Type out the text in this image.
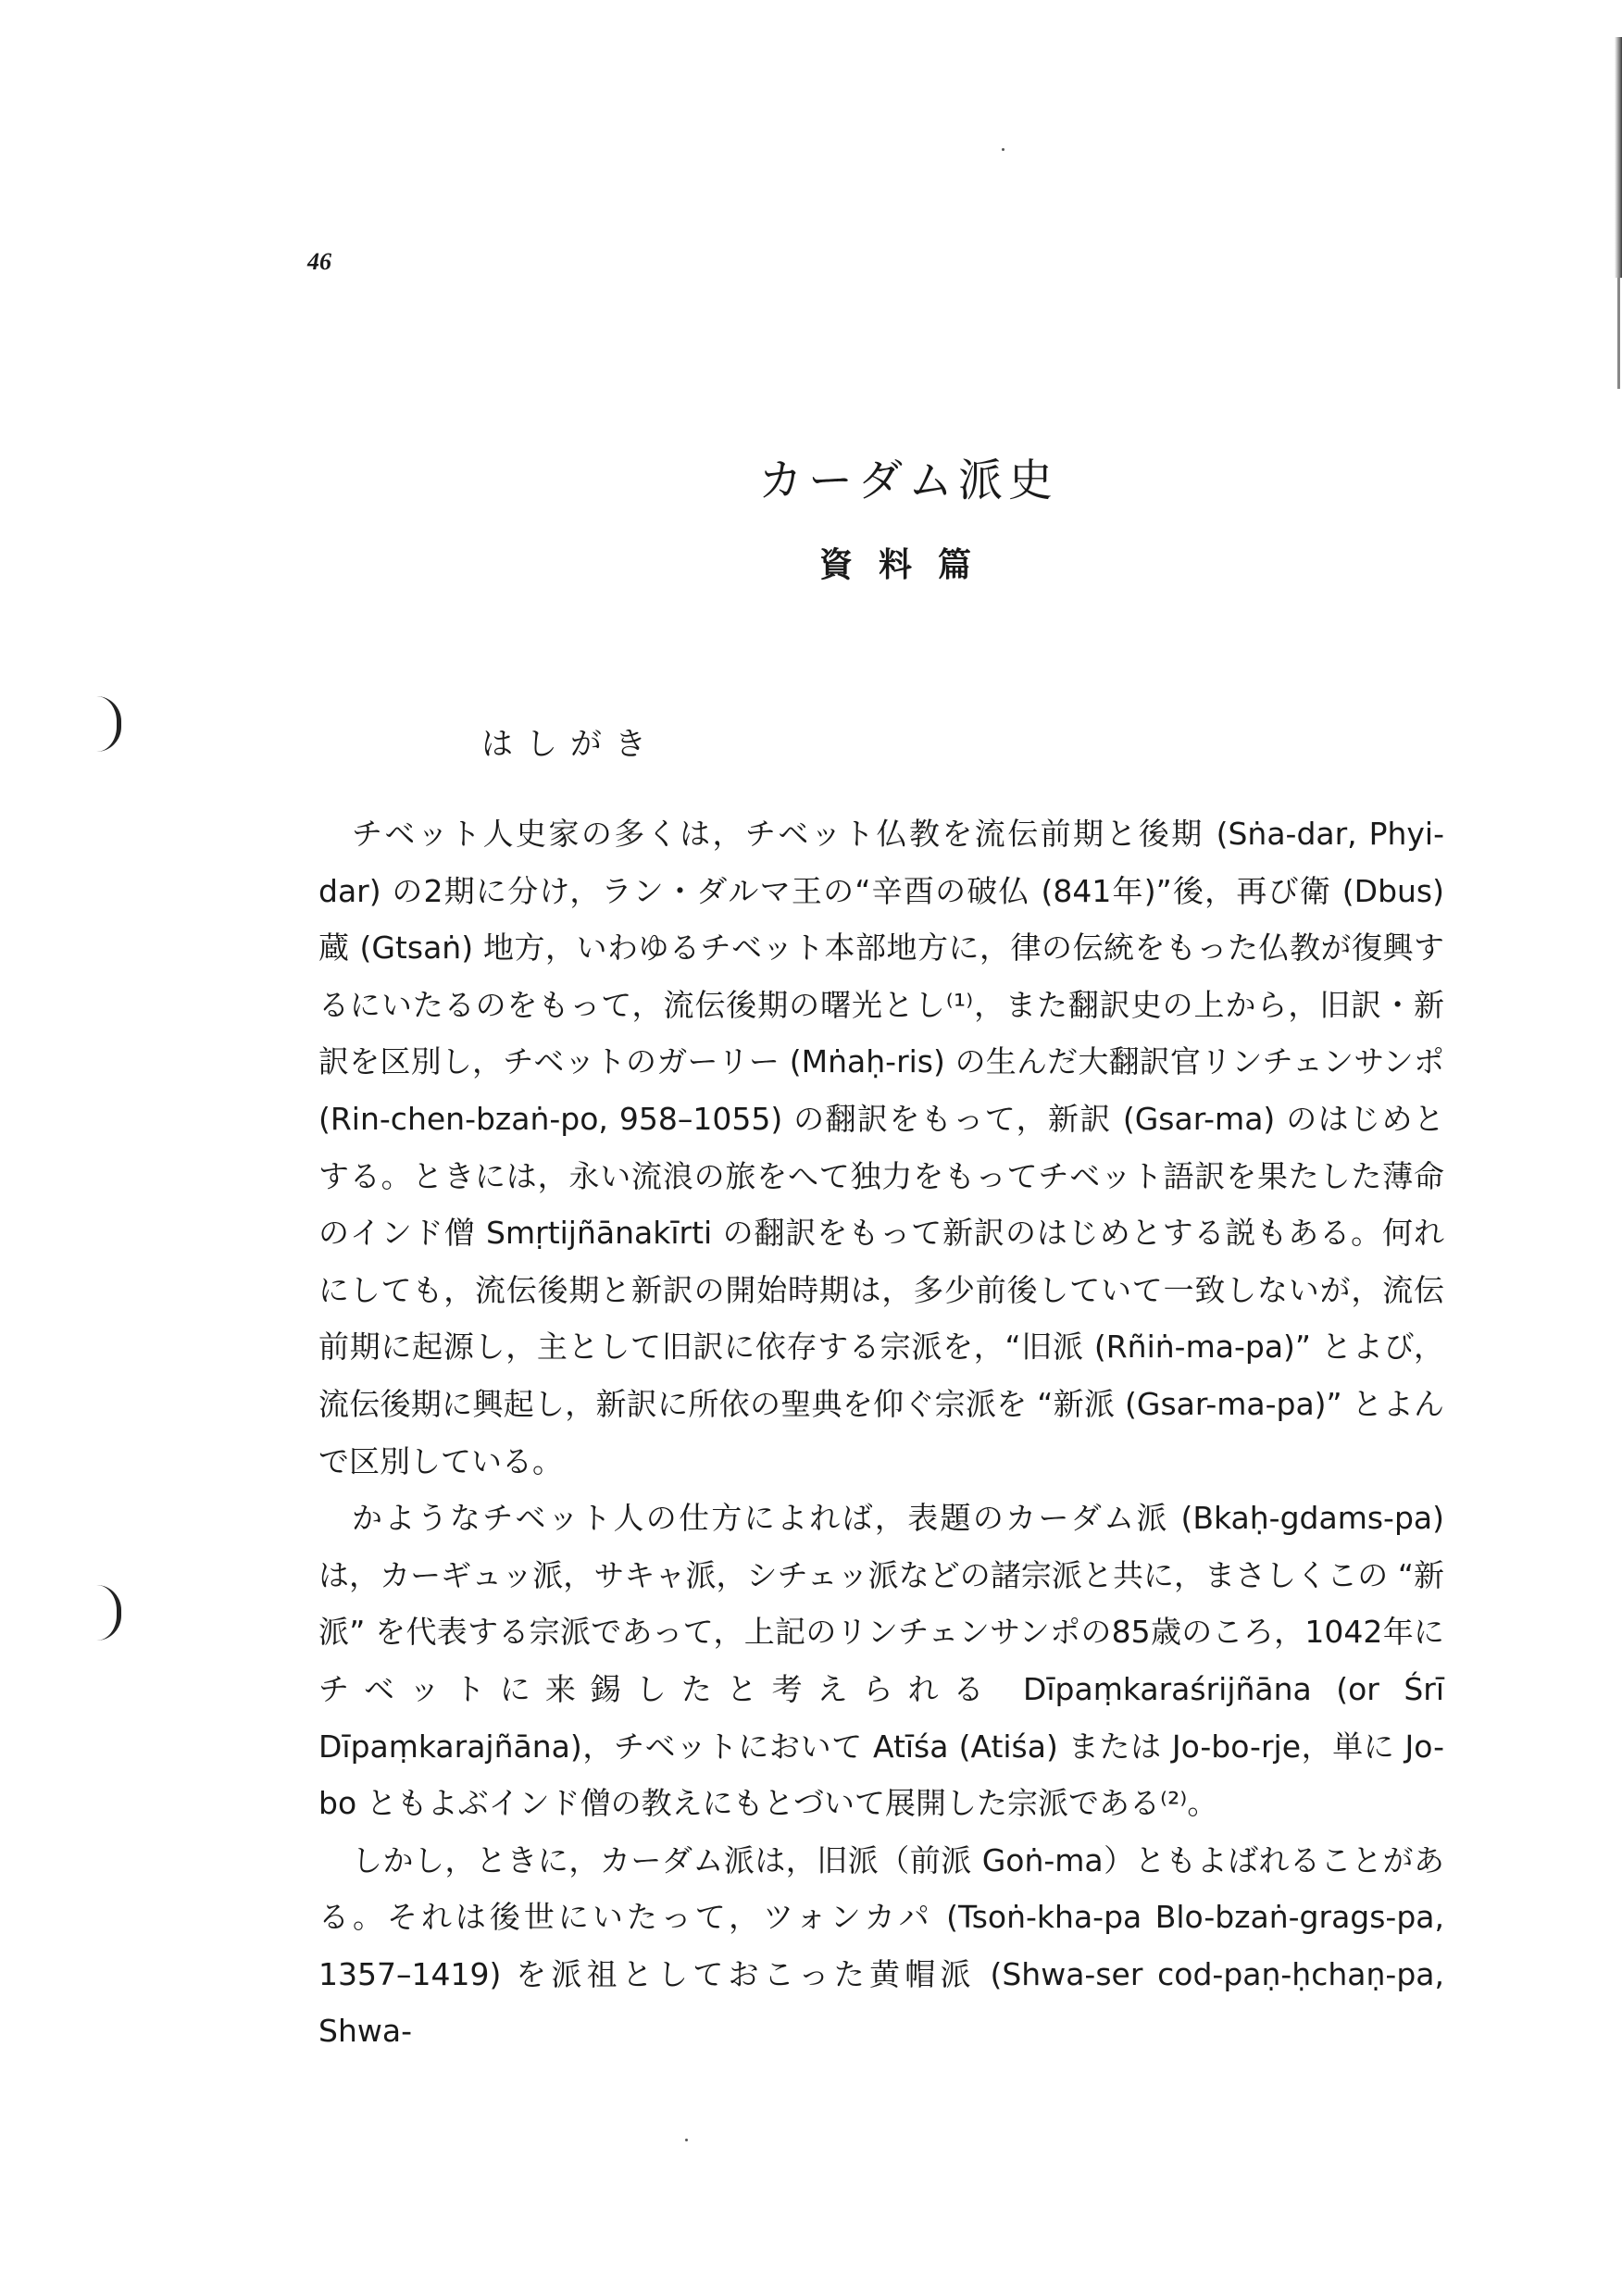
46
カーダム派史
資料篇
はしがき

チベット人史家の多くは，チベット仏教を流伝前期と後期 (Sṅa-dar, Phyi-dar) の2期に分け，ラン・ダルマ王の“辛酉の破仏 (841年)”後，再び衛 (Dbus) 蔵 (Gtsaṅ) 地方，いわゆるチベット本部地方に，律の伝統をもった仏教が復興するにいたるのをもって，流伝後期の曙光とし⁽¹⁾，また翻訳史の上から，旧訳・新訳を区別し，チベットのガーリー (Mṅaḥ-ris) の生んだ大翻訳官リンチェンサンポ (Rin-chen-bzaṅ-po, 958–1055) の翻訳をもって，新訳 (Gsar-ma) のはじめとする。ときには，永い流浪の旅をへて独力をもってチベット語訳を果たした薄命のインド僧 Smṛtijñānakīrti の翻訳をもって新訳のはじめとする説もある。何れにしても，流伝後期と新訳の開始時期は，多少前後していて一致しないが，流伝前期に起源し，主として旧訳に依存する宗派を，“旧派 (Rñiṅ-ma-pa)” とよび，流伝後期に興起し，新訳に所依の聖典を仰ぐ宗派を “新派 (Gsar-ma-pa)” とよんで区別している。

かようなチベット人の仕方によれば，表題のカーダム派 (Bkaḥ-gdams-pa) は，カーギュッ派，サキャ派，シチェッ派などの諸宗派と共に，まさしくこの “新派” を代表する宗派であって，上記のリンチェンサンポの85歳のころ，1042年にチベットに来錫したと考えられる Dīpaṃkaraśrijñāna (or Śrī Dīpaṃkarajñāna)，チベットにおいて Atīśa (Atiśa) または Jo-bo-rje，単に Jo-bo ともよぶインド僧の教えにもとづいて展開した宗派である⁽²⁾。

しかし，ときに，カーダム派は，旧派（前派 Goṅ-ma）ともよばれることがある。それは後世にいたって，ツォンカパ (Tsoṅ-kha-pa Blo-bzaṅ-grags-pa, 1357–1419) を派祖としておこった黄帽派 (Shwa-ser cod-paṇ-ḥchaṇ-pa, Shwa-
